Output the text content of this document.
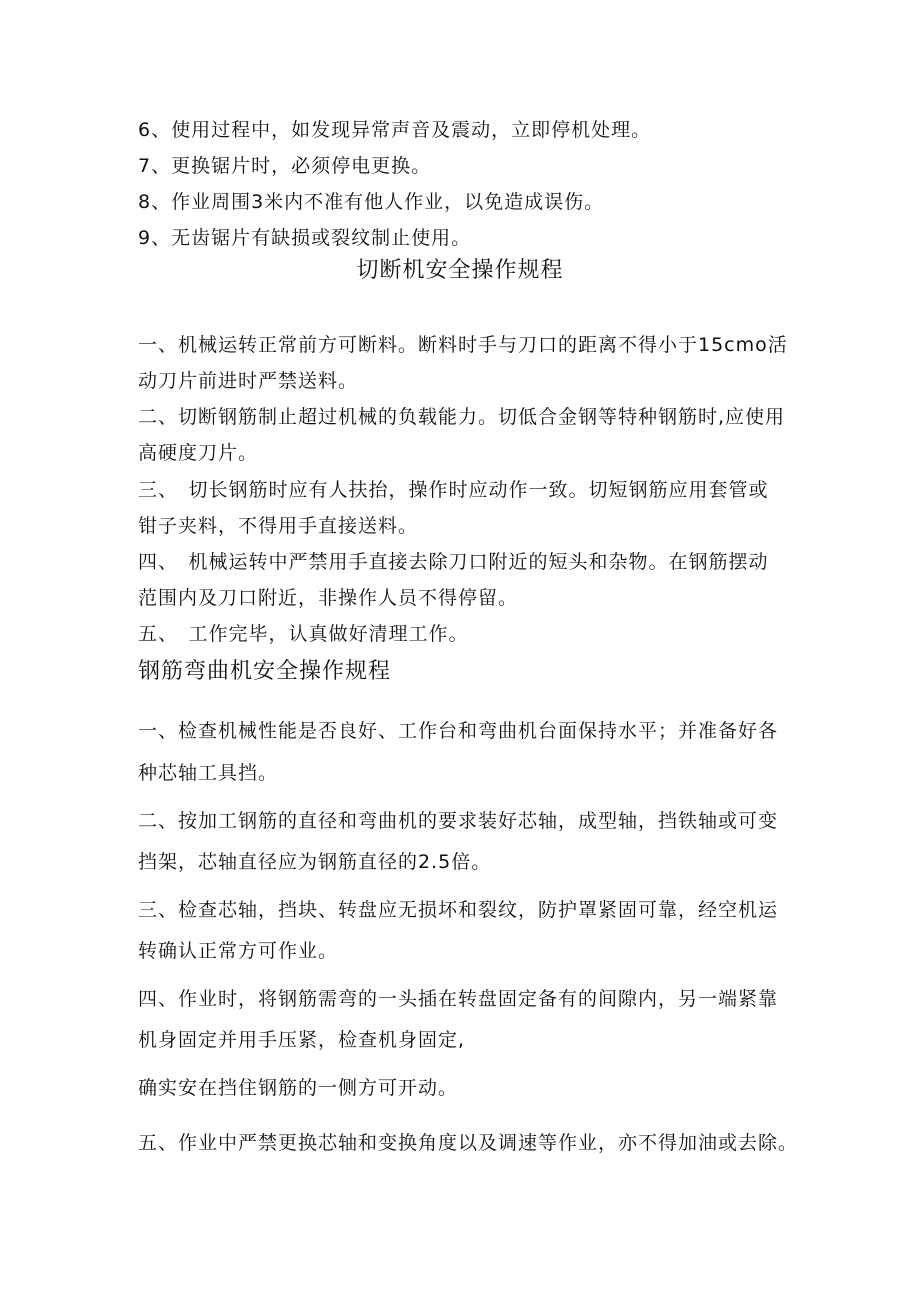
6、使用过程中，如发现异常声音及震动，立即停机处理。
7、更换锯片时，必须停电更换。
8、作业周围3米内不准有他人作业，以免造成误伤。
9、无齿锯片有缺损或裂纹制止使用。
切断机安全操作规程
一、机械运转正常前方可断料。断料时手与刀口的距离不得小于15cmo活
动刀片前进时严禁送料。
二、切断钢筋制止超过机械的负载能力。切低合金钢等特种钢筋时,应使用
高硬度刀片。
三、　切长钢筋时应有人扶抬，操作时应动作一致。切短钢筋应用套管或
钳子夹料，不得用手直接送料。
四、　机械运转中严禁用手直接去除刀口附近的短头和杂物。在钢筋摆动
范围内及刀口附近，非操作人员不得停留。
五、　工作完毕，认真做好清理工作。
钢筋弯曲机安全操作规程
一、检查机械性能是否良好、工作台和弯曲机台面保持水平；并准备好各
种芯轴工具挡。
二、按加工钢筋的直径和弯曲机的要求装好芯轴，成型轴，挡铁轴或可变
挡架，芯轴直径应为钢筋直径的2.5倍。
三、检查芯轴，挡块、转盘应无损坏和裂纹，防护罩紧固可靠，经空机运
转确认正常方可作业。
四、作业时，将钢筋需弯的一头插在转盘固定备有的间隙内，另一端紧靠
机身固定并用手压紧，检查机身固定,
确实安在挡住钢筋的一侧方可开动。
五、作业中严禁更换芯轴和变换角度以及调速等作业，亦不得加油或去除。
